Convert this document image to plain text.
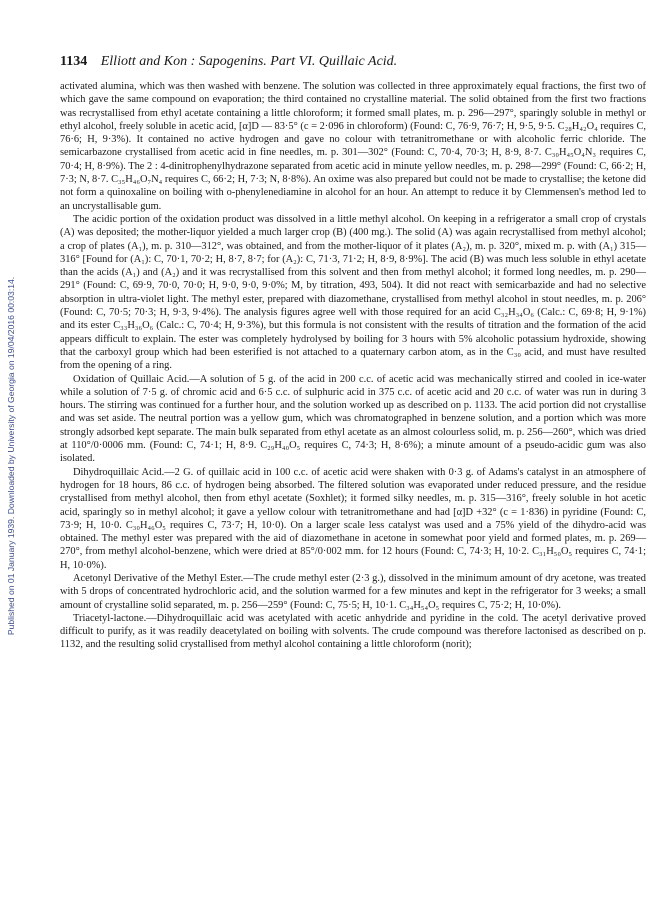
Published on 01 January 1939. Downloaded by University of Georgia on 19/04/2016 00:03:14.
1134 Elliott and Kon : Sapogenins. Part VI. Quillaic Acid.

activated alumina, which was then washed with benzene. The solution was collected in three approximately equal fractions, the first two of which gave the same compound on evaporation; the third contained no crystalline material. The solid obtained from the first two fractions was recrystallised from ethyl acetate containing a little chloroform; it formed small plates, m. p. 296—297°, sparingly soluble in methyl or ethyl alcohol, freely soluble in acetic acid, [α]D — 83·5° (c = 2·096 in chloroform) (Found: C, 76·9, 76·7; H, 9·5, 9·5. C₂₈H₄₂O₄ requires C, 76·6; H, 9·3%). It contained no active hydrogen and gave no colour with tetranitromethane or with alcoholic ferric chloride. The semicarbazone crystallised from acetic acid in fine needles, m. p. 301—302° (Found: C, 70·4, 70·3; H, 8·9, 8·7. C₃₀H₄₅O₄N₃ requires C, 70·4; H, 8·9%). The 2 : 4-dinitrophenylhydrazone separated from acetic acid in minute yellow needles, m. p. 298—299° (Found: C, 66·2; H, 7·3; N, 8·7. C₃₅H₄₆O₇N₄ requires C, 66·2; H, 7·3; N, 8·8%). An oxime was also prepared but could not be made to crystallise; the ketone did not form a quinoxaline on boiling with o-phenylenediamine in alcohol for an hour. An attempt to reduce it by Clemmensen's method led to an uncrystallisable gum.

The acidic portion of the oxidation product was dissolved in a little methyl alcohol. On keeping in a refrigerator a small crop of crystals (A) was deposited; the mother-liquor yielded a much larger crop (B) (400 mg.). The solid (A) was again recrystallised from methyl alcohol; a crop of plates (A₁), m. p. 310—312°, was obtained, and from the mother-liquor of it plates (A₂), m. p. 320°, mixed m. p. with (A₁) 315—316° [Found for (A₁): C, 70·1, 70·2; H, 8·7, 8·7; for (A₂): C, 71·3, 71·2; H, 8·9, 8·9%]. The acid (B) was much less soluble in ethyl acetate than the acids (A₁) and (A₂) and it was recrystallised from this solvent and then from methyl alcohol; it formed long needles, m. p. 290—291° (Found: C, 69·9, 70·0, 70·0; H, 9·0, 9·0, 9·0%; M, by titration, 493, 504). It did not react with semicarbazide and had no selective absorption in ultra-violet light. The methyl ester, prepared with diazomethane, crystallised from methyl alcohol in stout needles, m. p. 206° (Found: C, 70·5; 70·3; H, 9·3, 9·4%). The analysis figures agree well with those required for an acid C₃₂H₃₄O₆ (Calc.: C, 69·8; H, 9·1%) and its ester C₃₃H₃₆O₆ (Calc.: C, 70·4; H, 9·3%), but this formula is not consistent with the results of titration and the formation of the acid appears difficult to explain. The ester was completely hydrolysed by boiling for 3 hours with 5% alcoholic potassium hydroxide, showing that the carboxyl group which had been esterified is not attached to a quaternary carbon atom, as in the C₃₀ acid, and must have resulted from the opening of a ring.

Oxidation of Quillaic Acid.—A solution of 5 g. of the acid in 200 c.c. of acetic acid was mechanically stirred and cooled in ice-water while a solution of 7·5 g. of chromic acid and 6·5 c.c. of sulphuric acid in 375 c.c. of acetic acid and 20 c.c. of water was run in during 3 hours. The stirring was continued for a further hour, and the solution worked up as described on p. 1133. The acid portion did not crystallise and was set aside. The neutral portion was a yellow gum, which was chromatographed in benzene solution, and a portion which was more strongly adsorbed kept separate. The main bulk separated from ethyl acetate as an almost colourless solid, m. p. 256—260°, which was dried at 110°/0·0006 mm. (Found: C, 74·1; H, 8·9. C₂₉H₄₀O₅ requires C, 74·3; H, 8·6%); a minute amount of a pseudo-acidic gum was also isolated.

Dihydroquillaic Acid.—2 G. of quillaic acid in 100 c.c. of acetic acid were shaken with 0·3 g. of Adams's catalyst in an atmosphere of hydrogen for 18 hours, 86 c.c. of hydrogen being absorbed. The filtered solution was evaporated under reduced pressure, and the residue crystallised from methyl alcohol, then from ethyl acetate (Soxhlet); it formed silky needles, m. p. 315—316°, freely soluble in hot acetic acid, sparingly so in methyl alcohol; it gave a yellow colour with tetranitromethane and had [α]D +32° (c = 1·836) in pyridine (Found: C, 73·9; H, 10·0. C₃₀H₄₆O₅ requires C, 73·7; H, 10·0). On a larger scale less catalyst was used and a 75% yield of the dihydro-acid was obtained. The methyl ester was prepared with the aid of diazomethane in acetone in somewhat poor yield and formed plates, m. p. 269—270°, from methyl alcohol-benzene, which were dried at 85°/0·002 mm. for 12 hours (Found: C, 74·3; H, 10·2. C₃₁H₅₀O₅ requires C, 74·1; H, 10·0%).

Acetonyl Derivative of the Methyl Ester.—The crude methyl ester (2·3 g.), dissolved in the minimum amount of dry acetone, was treated with 5 drops of concentrated hydrochloric acid, and the solution warmed for a few minutes and kept in the refrigerator for 3 weeks; a small amount of crystalline solid separated, m. p. 256—259° (Found: C, 75·5; H, 10·1. C₃₄H₅₄O₅ requires C, 75·2; H, 10·0%).

Triacetyl-lactone.—Dihydroquillaic acid was acetylated with acetic anhydride and pyridine in the cold. The acetyl derivative proved difficult to purify, as it was readily deacetylated on boiling with solvents. The crude compound was therefore lactonised as described on p. 1132, and the resulting solid crystallised from methyl alcohol containing a little chloroform (norit);
